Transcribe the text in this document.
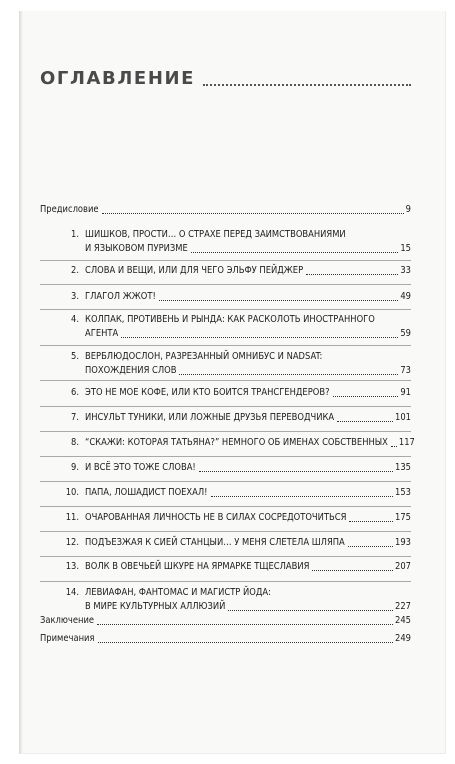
ОГЛАВЛЕНИЕ
Предисловие	9
1. ШИШКОВ, ПРОСТИ… О СТРАХЕ ПЕРЕД ЗАИМСТВОВАНИЯМИ
И ЯЗЫКОВОМ ПУРИЗМЕ	15
2. СЛОВА И ВЕЩИ, ИЛИ ДЛЯ ЧЕГО ЭЛЬФУ ПЕЙДЖЕР	33
3. ГЛАГОЛ ЖЖОТ!	49
4. КОЛПАК, ПРОТИВЕНЬ И РЫНДА: КАК РАСКОЛОТЬ ИНОСТРАННОГО
АГЕНТА	59
5. ВЕРБЛЮДОСЛОН, РАЗРЕЗАННЫЙ ОМНИБУС И NADSAT:
ПОХОЖДЕНИЯ СЛОВ	73
6. ЭТО НЕ МОЕ КОФЕ, ИЛИ КТО БОИТСЯ ТРАНСГЕНДЕРОВ?	91
7. ИНСУЛЬТ ТУНИКИ, ИЛИ ЛОЖНЫЕ ДРУЗЬЯ ПЕРЕВОДЧИКА	101
8. “СКАЖИ: КОТОРАЯ ТАТЬЯНА?” НЕМНОГО ОБ ИМЕНАХ СОБСТВЕННЫХ 117
9. И ВСЁ ЭТО ТОЖЕ СЛОВА!	135
10. ПАПА, ЛОШАДИСТ ПОЕХАЛ!	153
11. ОЧАРОВАННАЯ ЛИЧНОСТЬ НЕ В СИЛАХ СОСРЕДОТОЧИТЬСЯ	175
12. ПОДЪЕЗЖАЯ К СИЕЙ СТАНЦЫИ… У МЕНЯ СЛЕТЕЛА ШЛЯПА	193
13. ВОЛК В ОВЕЧЬЕЙ ШКУРЕ НА ЯРМАРКЕ ТЩЕСЛАВИЯ	207
14. ЛЕВИАФАН, ФАНТОМАС И МАГИСТР ЙОДА:
В МИРЕ КУЛЬТУРНЫХ АЛЛЮЗИЙ	227
Заключение	245
Примечания	249
